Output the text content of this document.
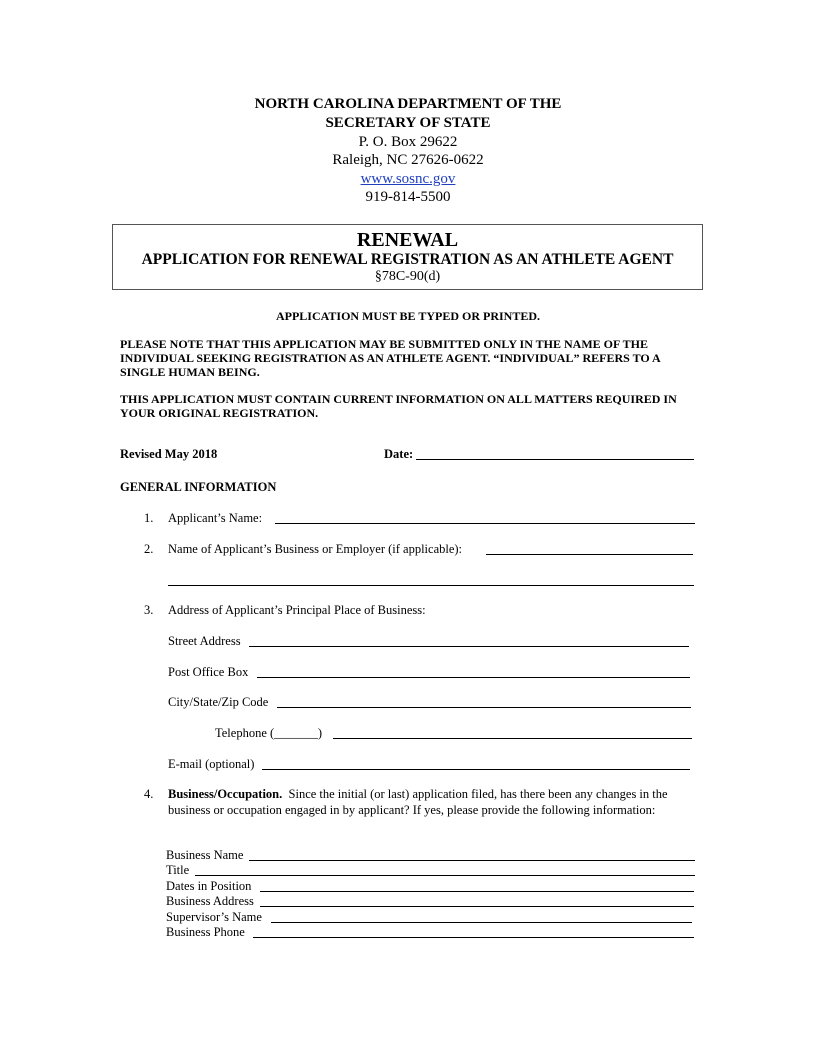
NORTH CAROLINA DEPARTMENT OF THE
SECRETARY OF STATE
P. O. Box 29622
Raleigh, NC 27626-0622
www.sosnc.gov
919-814-5500
RENEWAL
APPLICATION FOR RENEWAL REGISTRATION AS AN ATHLETE AGENT
§78C-90(d)
APPLICATION MUST BE TYPED OR PRINTED.
PLEASE NOTE THAT THIS APPLICATION MAY BE SUBMITTED ONLY IN THE NAME OF THE INDIVIDUAL SEEKING REGISTRATION AS AN ATHLETE AGENT. “INDIVIDUAL” REFERS TO A SINGLE HUMAN BEING.
THIS APPLICATION MUST CONTAIN CURRENT INFORMATION ON ALL MATTERS REQUIRED IN YOUR ORIGINAL REGISTRATION.
Revised May 2018	Date:
GENERAL INFORMATION
1. Applicant’s Name:
2. Name of Applicant’s Business or Employer (if applicable):
3. Address of Applicant’s Principal Place of Business:
Street Address
Post Office Box
City/State/Zip Code
Telephone (_______)
E-mail (optional)
4. Business/Occupation. Since the initial (or last) application filed, has there been any changes in the business or occupation engaged in by applicant? If yes, please provide the following information:
Business Name
Title
Dates in Position
Business Address
Supervisor’s Name
Business Phone
